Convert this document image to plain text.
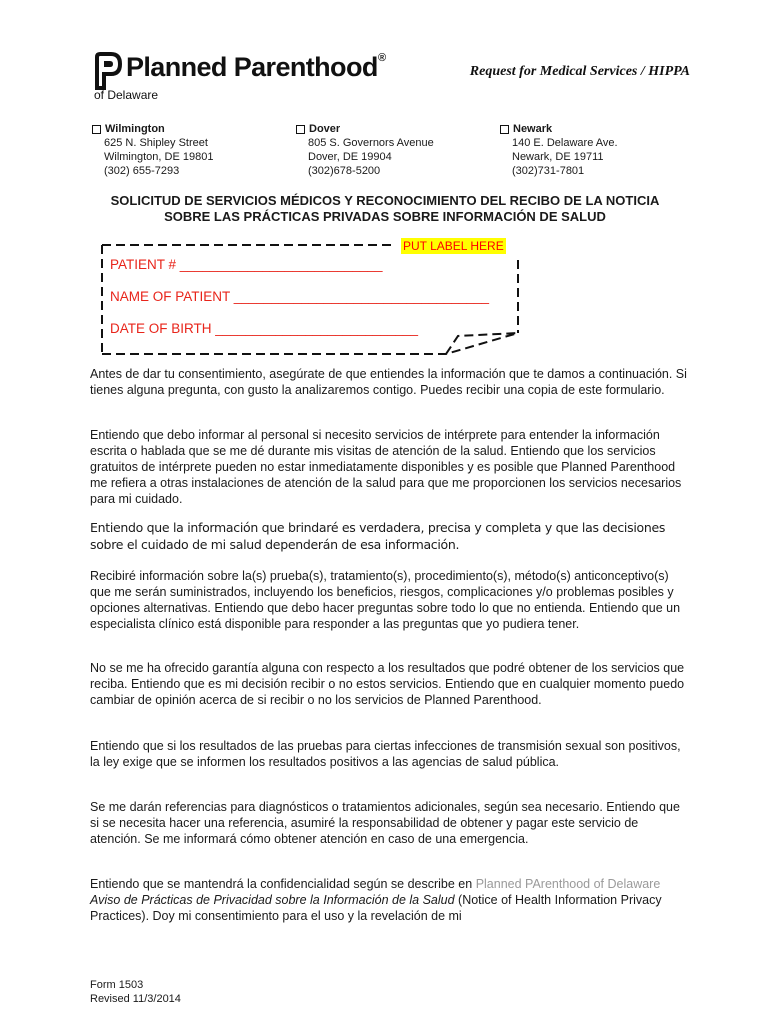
Planned Parenthood ®
of Delaware
Request for Medical Services / HIPPA
Wilmington
625 N. Shipley Street
Wilmington, DE 19801
(302) 655-7293
Dover
805 S. Governors Avenue
Dover, DE 19904
(302)678-5200
Newark
140 E. Delaware Ave.
Newark, DE 19711
(302)731-7801
SOLICITUD DE SERVICIOS MÉDICOS Y RECONOCIMIENTO DEL RECIBO DE LA NOTICIA
SOBRE LAS PRÁCTICAS PRIVADAS SOBRE INFORMACIÓN DE SALUD
PUT LABEL HERE
PATIENT # ___________________________
NAME OF PATIENT __________________________________
DATE OF BIRTH ___________________________

Antes de dar tu consentimiento, asegúrate de que entiendes la información que te damos a continuación. Si tienes alguna pregunta, con gusto la analizaremos contigo. Puedes recibir una copia de este formulario.

Entiendo que debo informar al personal si necesito servicios de intérprete para entender la información escrita o hablada que se me dé durante mis visitas de atención de la salud. Entiendo que los servicios gratuitos de intérprete pueden no estar inmediatamente disponibles y es posible que Planned Parenthood me refiera a otras instalaciones de atención de la salud para que me proporcionen los servicios necesarios para mi cuidado.

Entiendo que la información que brindaré es verdadera, precisa y completa y que las decisiones sobre el cuidado de mi salud dependerán de esa información.

Recibiré información sobre la(s) prueba(s), tratamiento(s), procedimiento(s), método(s) anticonceptivo(s) que me serán suministrados, incluyendo los beneficios, riesgos, complicaciones y/o problemas posibles y opciones alternativas. Entiendo que debo hacer preguntas sobre todo lo que no entienda. Entiendo que un especialista clínico está disponible para responder a las preguntas que yo pudiera tener.

No se me ha ofrecido garantía alguna con respecto a los resultados que podré obtener de los servicios que reciba. Entiendo que es mi decisión recibir o no estos servicios. Entiendo que en cualquier momento puedo cambiar de opinión acerca de si recibir o no los servicios de Planned Parenthood.

Entiendo que si los resultados de las pruebas para ciertas infecciones de transmisión sexual son positivos, la ley exige que se informen los resultados positivos a las agencias de salud pública.

Se me darán referencias para diagnósticos o tratamientos adicionales, según sea necesario. Entiendo que si se necesita hacer una referencia, asumiré la responsabilidad de obtener y pagar este servicio de atención. Se me informará cómo obtener atención en caso de una emergencia.

Entiendo que se mantendrá la confidencialidad según se describe en Planned PArenthood of Delaware Aviso de Prácticas de Privacidad sobre la Información de la Salud (Notice of Health Information Privacy Practices). Doy mi consentimiento para el uso y la revelación de mi

Form 1503
Revised 11/3/2014
